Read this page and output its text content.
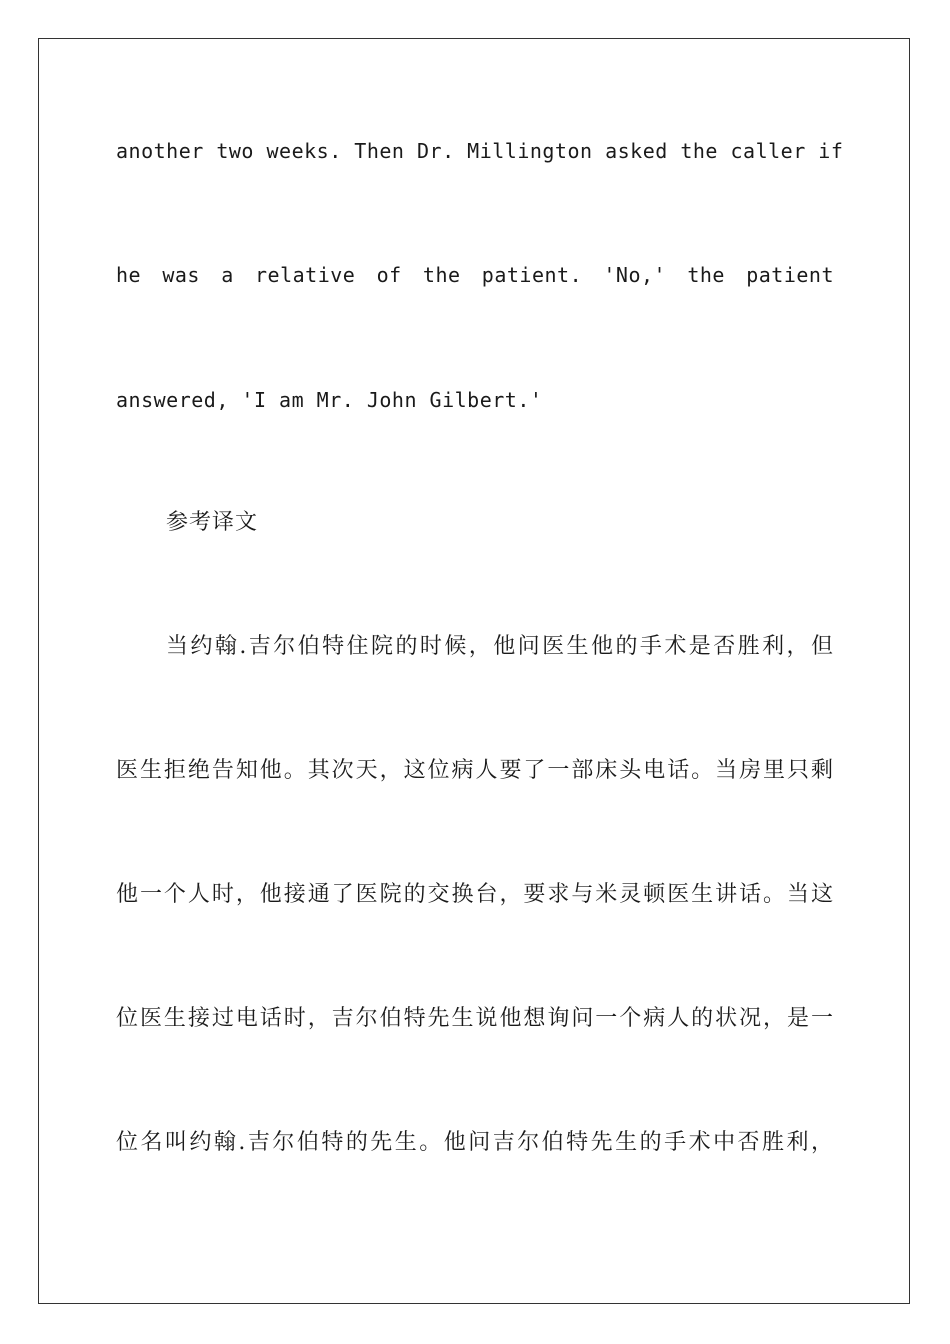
another two weeks. Then Dr. Millington asked the caller if
he was a relative of the patient. 'No,' the patient
answered, 'I am Mr. John Gilbert.'
参考译文
当约翰.吉尔伯特住院的时候，他问医生他的手术是否胜利，但
医生拒绝告知他。其次天，这位病人要了一部床头电话。当房里只剩
他一个人时，他接通了医院的交换台，要求与米灵顿医生讲话。当这
位医生接过电话时，吉尔伯特先生说他想询问一个病人的状况，是一
位名叫约翰.吉尔伯特的先生。他问吉尔伯特先生的手术中否胜利，
